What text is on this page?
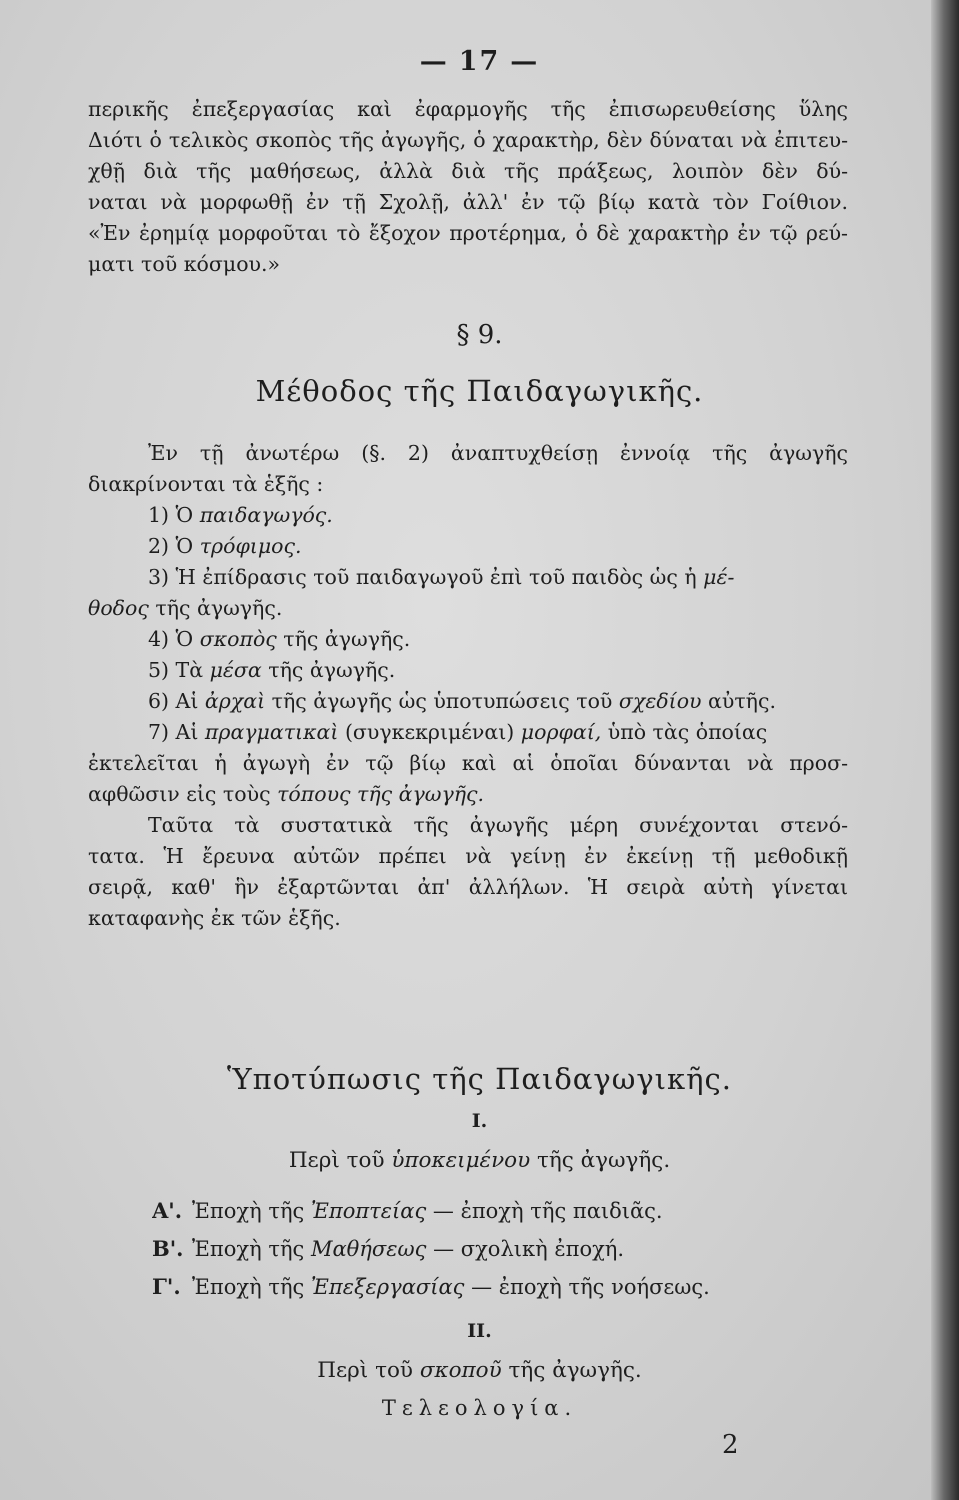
— 17 —
περικῆς ἐπεξεργασίας καὶ ἐφαρμογῆς τῆς ἐπισωρευθείσης ὕλης
Διότι ὁ τελικὸς σκοπὸς τῆς ἀγωγῆς, ὁ χαρακτὴρ, δὲν δύναται νὰ ἐπιτευ-
χθῇ διὰ τῆς μαθήσεως, ἀλλὰ διὰ τῆς πράξεως, λοιπὸν δὲν δύ-
ναται νὰ μορφωθῇ ἐν τῇ Σχολῇ, ἀλλ' ἐν τῷ βίῳ κατὰ τὸν Γοίθιον.
«Ἐν ἐρημίᾳ μορφοῦται τὸ ἔξοχον προτέρημα, ὁ δὲ χαρακτὴρ ἐν τῷ ρεύ-
ματι τοῦ κόσμου.»
§ 9.
Μέθοδος τῆς Παιδαγωγικῆς.
Ἐν τῇ ἀνωτέρω (§. 2) ἀναπτυχθείσῃ ἐννοίᾳ τῆς ἀγωγῆς
διακρίνονται τὰ ἑξῆς :
1) Ὁ παιδαγωγός.
2) Ὁ τρόφιμος.
3) Ἡ ἐπίδρασις τοῦ παιδαγωγοῦ ἐπὶ τοῦ παιδὸς ὡς ἡ μέ-
θοδος τῆς ἀγωγῆς.
4) Ὁ σκοπὸς τῆς ἀγωγῆς.
5) Τὰ μέσα τῆς ἀγωγῆς.
6) Αἱ ἀρχαὶ τῆς ἀγωγῆς ὡς ὑποτυπώσεις τοῦ σχεδίου αὐτῆς.
7) Αἱ πραγματικαὶ (συγκεκριμέναι) μορφαί, ὑπὸ τὰς ὁποίας
ἐκτελεῖται ἡ ἀγωγὴ ἐν τῷ βίῳ καὶ αἱ ὁποῖαι δύνανται νὰ προσ-
αφθῶσιν εἰς τοὺς τόπους τῆς ἀγωγῆς.
Ταῦτα τὰ συστατικὰ τῆς ἀγωγῆς μέρη συνέχονται στενό-
τατα. Ἡ ἔρευνα αὐτῶν πρέπει νὰ γείνῃ ἐν ἐκείνῃ τῇ μεθοδικῇ
σειρᾷ, καθ' ἣν ἐξαρτῶνται ἀπ' ἀλλήλων. Ἡ σειρὰ αὐτὴ γίνεται
καταφανὴς ἐκ τῶν ἑξῆς.
Ὑποτύπωσις τῆς Παιδαγωγικῆς.
I.
Περὶ τοῦ ὑποκειμένου τῆς ἀγωγῆς.
Α'. Ἐποχὴ τῆς Ἐποπτείας — ἐποχὴ τῆς παιδιᾶς.
Β'. Ἐποχὴ τῆς Μαθήσεως — σχολικὴ ἐποχή.
Γ'. Ἐποχὴ τῆς Ἐπεξεργασίας — ἐποχὴ τῆς νοήσεως.
II.
Περὶ τοῦ σκοποῦ τῆς ἀγωγῆς.
Τελεολογία.
2
